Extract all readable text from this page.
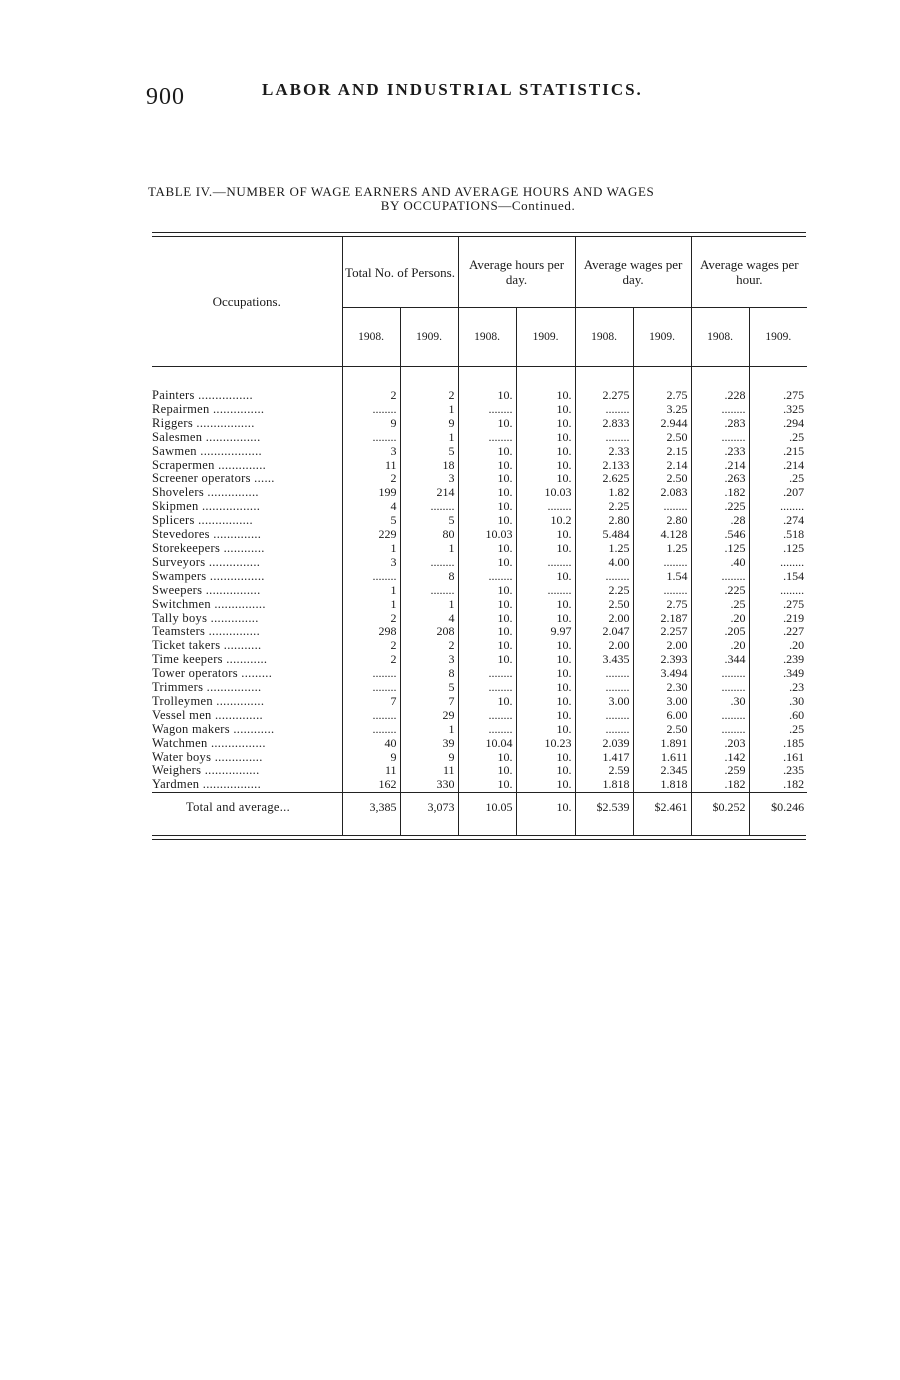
900	LABOR AND INDUSTRIAL STATISTICS.
TABLE IV.—NUMBER OF WAGE EARNERS AND AVERAGE HOURS AND WAGES
BY OCCUPATIONS—Continued.
Occupations.	Total No. of Persons.		Average hours per day.		Average wages per day.		Average wages per hour.	
	1908.	1909.	1908.	1909.	1908.	1909.	1908.	1909.
Painters ................	2	2	10.	10.	2.275	2.75	.228	.275
Repairmen ...............	........	1	........	10.	........	3.25	........	.325
Riggers .................	9	9	10.	10.	2.833	2.944	.283	.294
Salesmen ................	........	1	........	10.	........	2.50	........	.25
Sawmen ..................	3	5	10.	10.	2.33	2.15	.233	.215
Scrapermen ..............	11	18	10.	10.	2.133	2.14	.214	.214
Screener operators ......	2	3	10.	10.	2.625	2.50	.263	.25
Shovelers ...............	199	214	10.	10.03	1.82	2.083	.182	.207
Skipmen .................	4	........	10.	........	2.25	........	.225	........
Splicers ................	5	5	10.	10.2	2.80	2.80	.28	.274
Stevedores ..............	229	80	10.03	10.	5.484	4.128	.546	.518
Storekeepers ............	1	1	10.	10.	1.25	1.25	.125	.125
Surveyors ...............	3	........	10.	........	4.00	........	.40	........
Swampers ................	........	8	........	10.	........	1.54	........	.154
Sweepers ................	1	........	10.	........	2.25	........	.225	........
Switchmen ...............	1	1	10.	10.	2.50	2.75	.25	.275
Tally boys ..............	2	4	10.	10.	2.00	2.187	.20	.219
Teamsters ...............	298	208	10.	9.97	2.047	2.257	.205	.227
Ticket takers ...........	2	2	10.	10.	2.00	2.00	.20	.20
Time keepers ............	2	3	10.	10.	3.435	2.393	.344	.239
Tower operators .........	........	8	........	10.	........	3.494	........	.349
Trimmers ................	........	5	........	10.	........	2.30	........	.23
Trolleymen ..............	7	7	10.	10.	3.00	3.00	.30	.30
Vessel men ..............	........	29	........	10.	........	6.00	........	.60
Wagon makers ............	........	1	........	10.	........	2.50	........	.25
Watchmen ................	40	39	10.04	10.23	2.039	1.891	.203	.185
Water boys ..............	9	9	10.	10.	1.417	1.611	.142	.161
Weighers ................	11	11	10.	10.	2.59	2.345	.259	.235
Yardmen .................	162	330	10.	10.	1.818	1.818	.182	.182
Total and average...	3,385	3,073	10.05	10.	$2.539	$2.461	$0.252	$0.246
